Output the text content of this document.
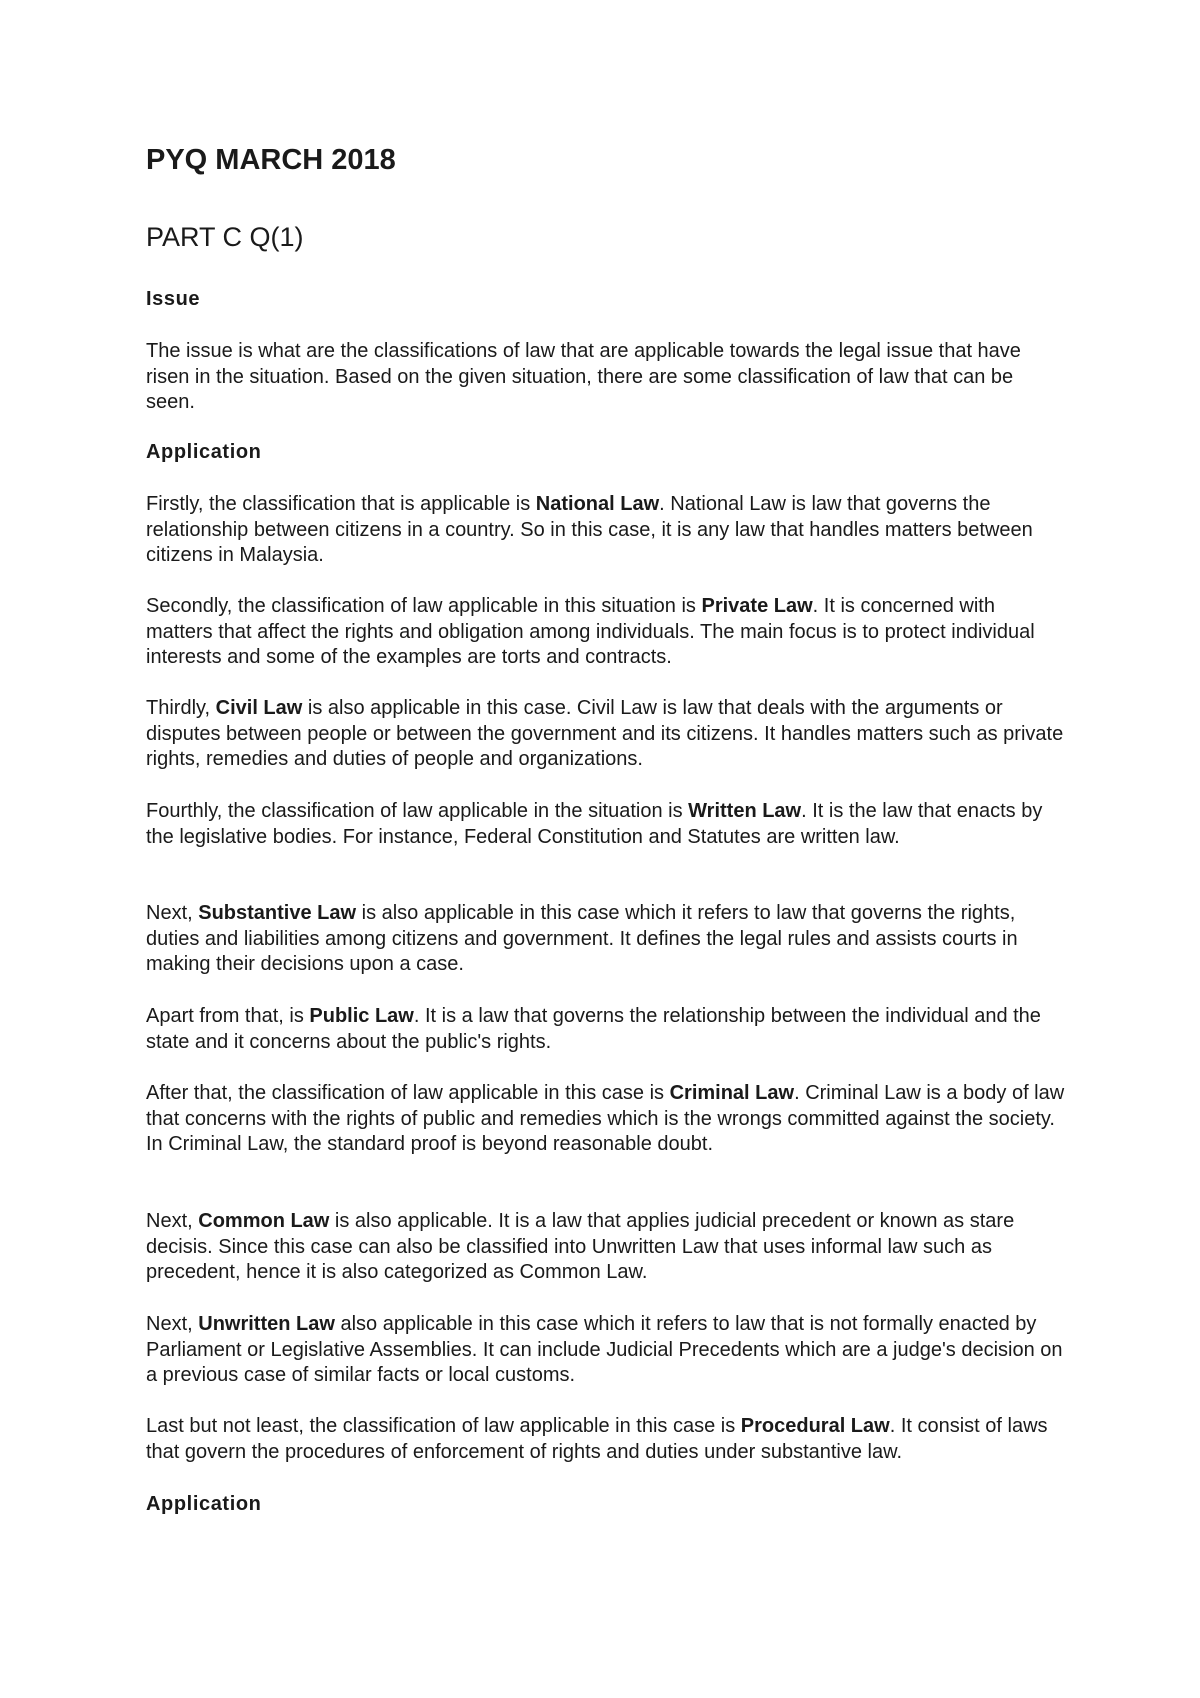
PYQ MARCH 2018
PART C Q(1)
Issue

The issue is what are the classifications of law that are applicable towards the legal issue that have risen in the situation. Based on the given situation, there are some classification of law that can be seen.

Application

Firstly, the classification that is applicable is National Law. National Law is law that governs the relationship between citizens in a country. So in this case, it is any law that handles matters between citizens in Malaysia.

Secondly, the classification of law applicable in this situation is Private Law. It is concerned with matters that affect the rights and obligation among individuals. The main focus is to protect individual interests and some of the examples are torts and contracts.

Thirdly, Civil Law is also applicable in this case. Civil Law is law that deals with the arguments or disputes between people or between the government and its citizens. It handles matters such as private rights, remedies and duties of people and organizations.

Fourthly, the classification of law applicable in the situation is Written Law. It is the law that enacts by the legislative bodies. For instance, Federal Constitution and Statutes are written law.

Next, Substantive Law is also applicable in this case which it refers to law that governs the rights, duties and liabilities among citizens and government. It defines the legal rules and assists courts in making their decisions upon a case.

Apart from that, is Public Law. It is a law that governs the relationship between the individual and the state and it concerns about the public's rights.

After that, the classification of law applicable in this case is Criminal Law. Criminal Law is a body of law that concerns with the rights of public and remedies which is the wrongs committed against the society. In Criminal Law, the standard proof is beyond reasonable doubt.

Next, Common Law is also applicable. It is a law that applies judicial precedent or known as stare decisis. Since this case can also be classified into Unwritten Law that uses informal law such as precedent, hence it is also categorized as Common Law.

Next, Unwritten Law also applicable in this case which it refers to law that is not formally enacted by Parliament or Legislative Assemblies. It can include Judicial Precedents which are a judge's decision on a previous case of similar facts or local customs.

Last but not least, the classification of law applicable in this case is Procedural Law. It consist of laws that govern the procedures of enforcement of rights and duties under substantive law.

Application
